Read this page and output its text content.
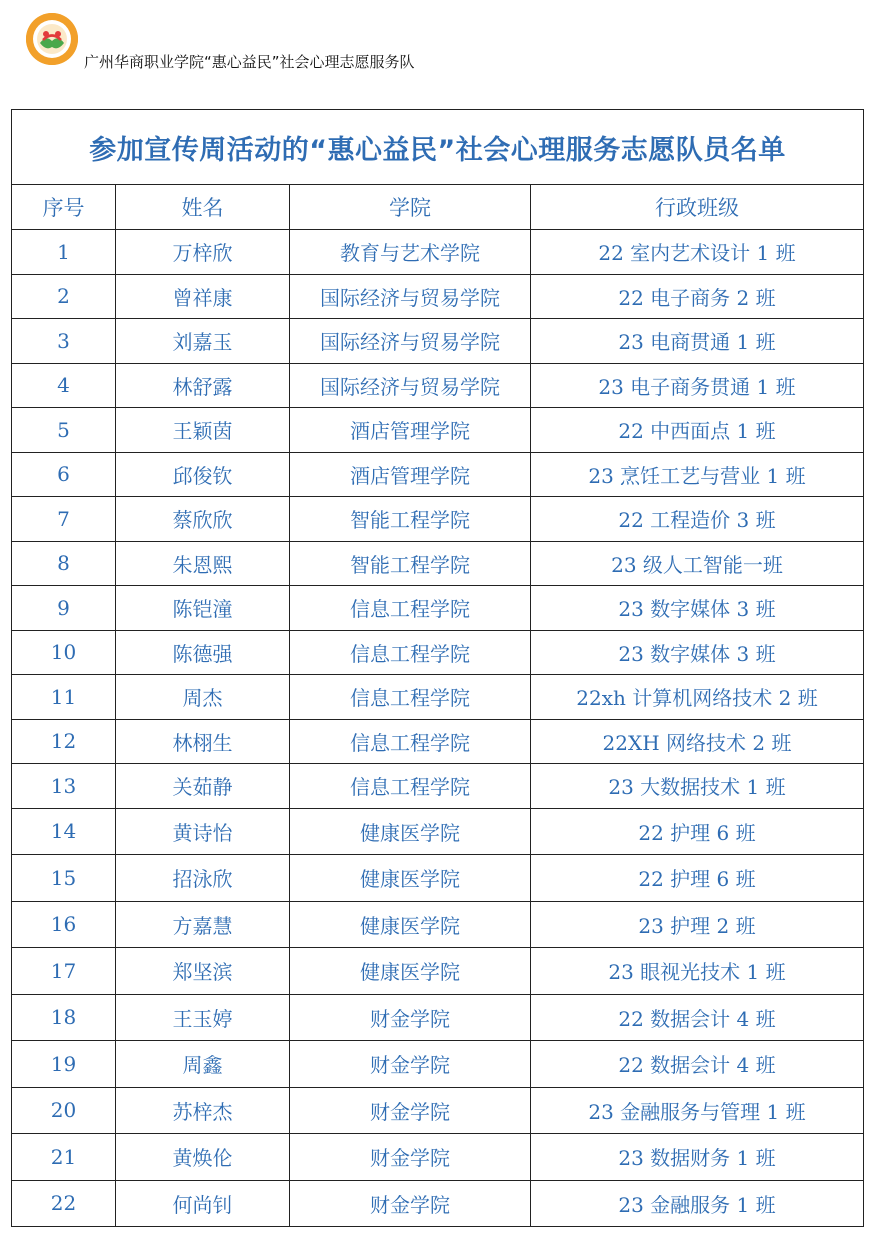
广州华商职业学院“惠心益民”社会心理志愿服务队
参加宣传周活动的“惠心益民”社会心理服务志愿队员名单			
序号	姓名	学院	行政班级
1	万梓欣	教育与艺术学院	22 室内艺术设计 1 班
2	曾祥康	国际经济与贸易学院	22 电子商务 2 班
3	刘嘉玉	国际经济与贸易学院	23 电商贯通 1 班
4	林舒露	国际经济与贸易学院	23 电子商务贯通 1 班
5	王颖茵	酒店管理学院	22 中西面点 1 班
6	邱俊钦	酒店管理学院	23 烹饪工艺与营业 1 班
7	蔡欣欣	智能工程学院	22 工程造价 3 班
8	朱恩熙	智能工程学院	23 级人工智能一班
9	陈铠潼	信息工程学院	23 数字媒体 3 班
10	陈德强	信息工程学院	23 数字媒体 3 班
11	周杰	信息工程学院	22xh 计算机网络技术 2 班
12	林栩生	信息工程学院	22XH 网络技术 2 班
13	关茹静	信息工程学院	23 大数据技术 1 班
14	黄诗怡	健康医学院	22 护理 6 班
15	招泳欣	健康医学院	22 护理 6 班
16	方嘉慧	健康医学院	23 护理 2 班
17	郑坚滨	健康医学院	23 眼视光技术 1 班
18	王玉婷	财金学院	22 数据会计 4 班
19	周鑫	财金学院	22 数据会计 4 班
20	苏梓杰	财金学院	23 金融服务与管理 1 班
21	黄焕伦	财金学院	23 数据财务 1 班
22	何尚钊	财金学院	23 金融服务 1 班
